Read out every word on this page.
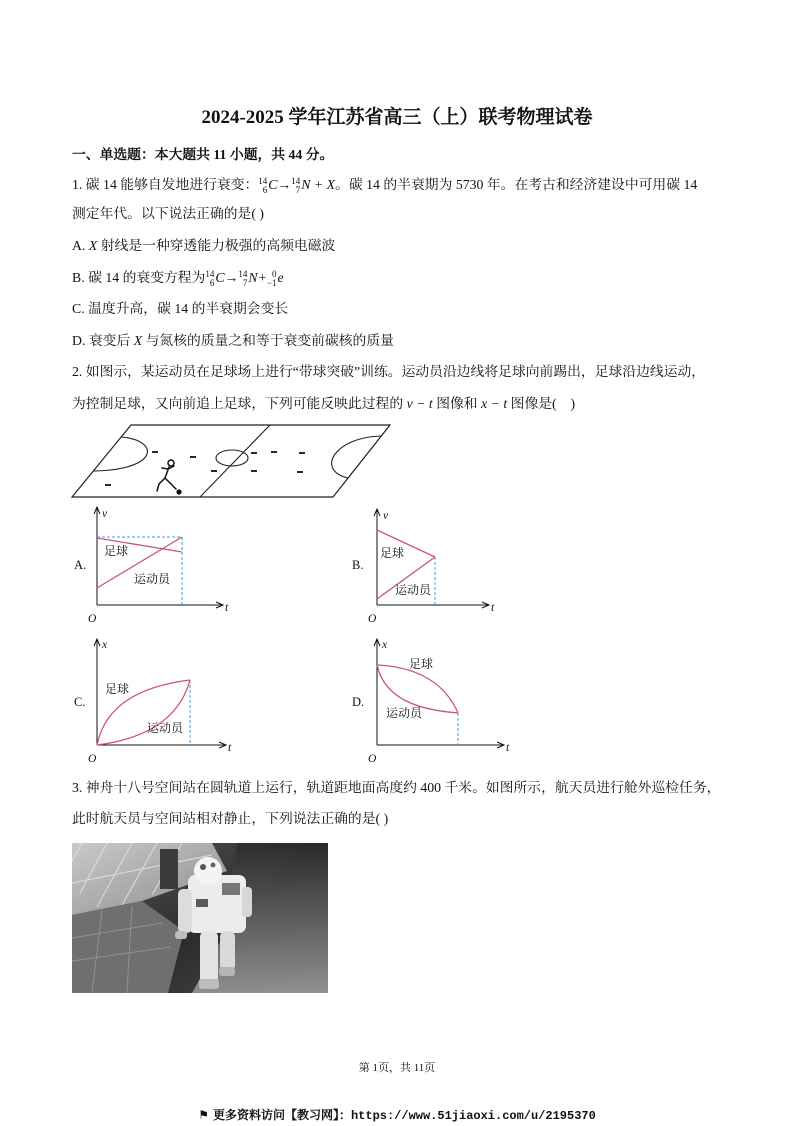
2024-2025 学年江苏省高三（上）联考物理试卷
一、单选题：本大题共 11 小题，共 44 分。
1. 碳 14 能够自发地进行衰变： 14
6 C→ 14
7 N + X。碳 14 的半衰期为 5730 年。在考古和经济建设中可用碳 14
测定年代。以下说法正确的是( )
A. X 射线是一种穿透能力极强的高频电磁波
B. 碳 14 的衰变方程为 14
6 C→ 14
7 N+ 0
−1 e
C. 温度升高，碳 14 的半衰期会变长
D. 衰变后 X 与氮核的质量之和等于衰变前碳核的质量
2. 如图示，某运动员在足球场上进行“带球突破”训练。运动员沿边线将足球向前踢出，足球沿边线运动，
为控制足球，又向前追上足球，下列可能反映此过程的 v − t 图像和 x − t 图像是(    )
A.
v
t
O
足球
运动员
B.
v
t
O
足球
运动员
C.
x
t
O
足球
运动员
D.
x
t
O
足球
运动员
3. 神舟十八号空间站在圆轨道上运行，轨道距地面高度约 400 千米。如图所示，航天员进行舱外巡检任务，
此时航天员与空间站相对静止，下列说法正确的是( )
第 1页，共 11页
⚑ 更多资料访问【教习网】：https://www.51jiaoxi.com/u/2195370
